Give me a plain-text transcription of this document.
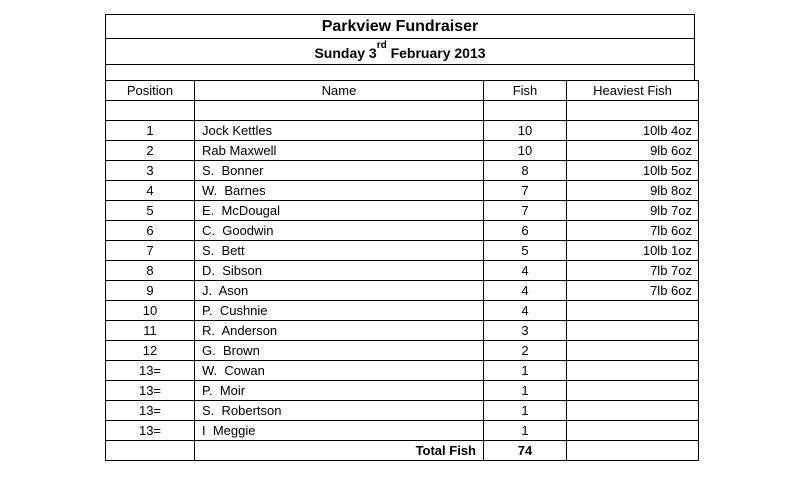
Parkview Fundraiser
Sunday 3rd February 2013
Position	Name	Fish	Heaviest Fish

1	Jock Kettles	10	10lb 4oz
2	Rab Maxwell	10	9lb 6oz
3	S.  Bonner	8	10lb 5oz
4	W.  Barnes	7	9lb 8oz
5	E.  McDougal	7	9lb 7oz
6	C.  Goodwin	6	7lb 6oz
7	S.  Bett	5	10lb 1oz
8	D.  Sibson	4	7lb 7oz
9	J.  Ason	4	7lb 6oz
10	P.  Cushnie	4	
11	R.  Anderson	3	
12	G.  Brown	2	
13=	W.  Cowan	1	
13=	P.  Moir	1	
13=	S.  Robertson	1	
13=	I  Meggie	1	
	Total Fish	74	
